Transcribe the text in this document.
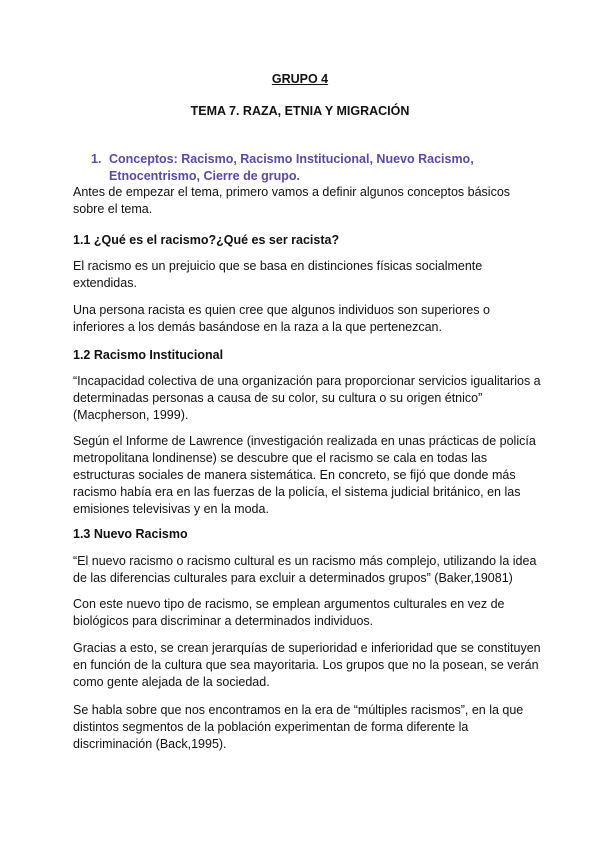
GRUPO 4
TEMA 7. RAZA, ETNIA Y MIGRACIÓN
1. Conceptos: Racismo, Racismo Institucional, Nuevo Racismo, Etnocentrismo, Cierre de grupo.
Antes de empezar el tema, primero vamos a definir algunos conceptos básicos sobre el tema.
1.1 ¿Qué es el racismo?¿Qué es ser racista?
El racismo es un prejuicio que se basa en distinciones físicas socialmente extendidas.
Una persona racista es quien cree que algunos individuos son superiores o inferiores a los demás basándose en la raza a la que pertenezcan.
1.2 Racismo Institucional
“Incapacidad colectiva de una organización para proporcionar servicios igualitarios a determinadas personas a causa de su color, su cultura o su origen étnico” (Macpherson, 1999).
Según el Informe de Lawrence (investigación realizada en unas prácticas de policía metropolitana londinense) se descubre que el racismo se cala en todas las estructuras sociales de manera sistemática. En concreto, se fijó que donde más racismo había era en las fuerzas de la policía, el sistema judicial británico, en las emisiones televisivas y en la moda.
1.3 Nuevo Racismo
“El nuevo racismo o racismo cultural es un racismo más complejo, utilizando la idea de las diferencias culturales para excluir a determinados grupos” (Baker,19081)
Con este nuevo tipo de racismo, se emplean argumentos culturales en vez de biológicos para discriminar a determinados individuos.
Gracias a esto, se crean jerarquías de superioridad e inferioridad que se constituyen en función de la cultura que sea mayoritaria. Los grupos que no la posean, se verán como gente alejada de la sociedad.
Se habla sobre que nos encontramos en la era de “múltiples racismos”, en la que distintos segmentos de la población experimentan de forma diferente la discriminación (Back,1995).
